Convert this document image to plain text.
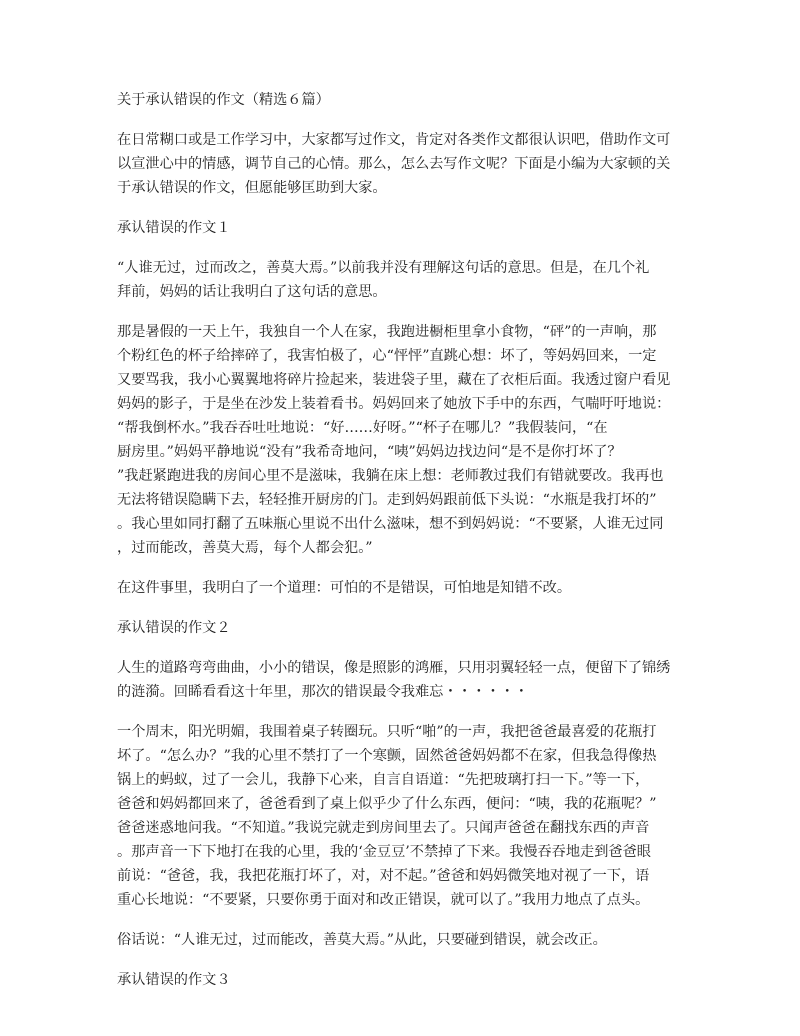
关于承认错误的作文（精选６篇）
在日常糊口或是工作学习中，大家都写过作文，肯定对各类作文都很认识吧，借助作文可
以宣泄心中的情感，调节自己的心情。那么，怎么去写作文呢？下面是小编为大家顿的关
于承认错误的作文，但愿能够匡助到大家。
承认错误的作文１
“人谁无过，过而改之，善莫大焉。”以前我并没有理解这句话的意思。但是，在几个礼
拜前，妈妈的话让我明白了这句话的意思。
那是暑假的一天上午，我独自一个人在家，我跑进橱柜里拿小食物，“砰”的一声响，那
个粉红色的杯子给摔碎了，我害怕极了，心“怦怦”直跳心想：坏了，等妈妈回来，一定
又要骂我，我小心翼翼地将碎片捡起来，装进袋子里，藏在了衣柜后面。我透过窗户看见
妈妈的影子，于是坐在沙发上装着看书。妈妈回来了她放下手中的东西，气喘吁吁地说：
“帮我倒杯水。”我吞吞吐吐地说：“好……好呀。”“杯子在哪儿？”我假装问，“在
厨房里。”妈妈平静地说“没有”我希奇地问，“咦”妈妈边找边问“是不是你打坏了？
”我赶紧跑进我的房间心里不是滋味，我躺在床上想：老师教过我们有错就要改。我再也
无法将错误隐瞒下去，轻轻推开厨房的门。走到妈妈跟前低下头说：“水瓶是我打坏的”
。我心里如同打翻了五味瓶心里说不出什么滋味，想不到妈妈说：“不要紧，人谁无过同
，过而能改，善莫大焉，每个人都会犯。”
在这件事里，我明白了一个道理：可怕的不是错误，可怕地是知错不改。
承认错误的作文２
人生的道路弯弯曲曲，小小的错误，像是照影的鸿雁，只用羽翼轻轻一点，便留下了锦绣
的涟漪。回睎看看这十年里，那次的错误最令我难忘・・・・・・
一个周末，阳光明媚，我围着桌子转圈玩。只听“啪”的一声，我把爸爸最喜爱的花瓶打
坏了。“怎么办？”我的心里不禁打了一个寒颤，固然爸爸妈妈都不在家，但我急得像热
锅上的蚂蚁，过了一会儿，我静下心来，自言自语道：“先把玻璃打扫一下。”等一下，
爸爸和妈妈都回来了，爸爸看到了桌上似乎少了什么东西，便问：“咦，我的花瓶呢？”
爸爸迷惑地问我。“不知道。”我说完就走到房间里去了。只闻声爸爸在翻找东西的声音
。那声音一下下地打在我的心里，我的‘金豆豆’不禁掉了下来。我慢吞吞地走到爸爸眼
前说：“爸爸，我，我把花瓶打坏了，对，对不起。”爸爸和妈妈微笑地对视了一下，语
重心长地说：“不要紧，只要你勇于面对和改正错误，就可以了。”我用力地点了点头。
俗话说：“人谁无过，过而能改，善莫大焉。”从此，只要碰到错误，就会改正。
承认错误的作文３
